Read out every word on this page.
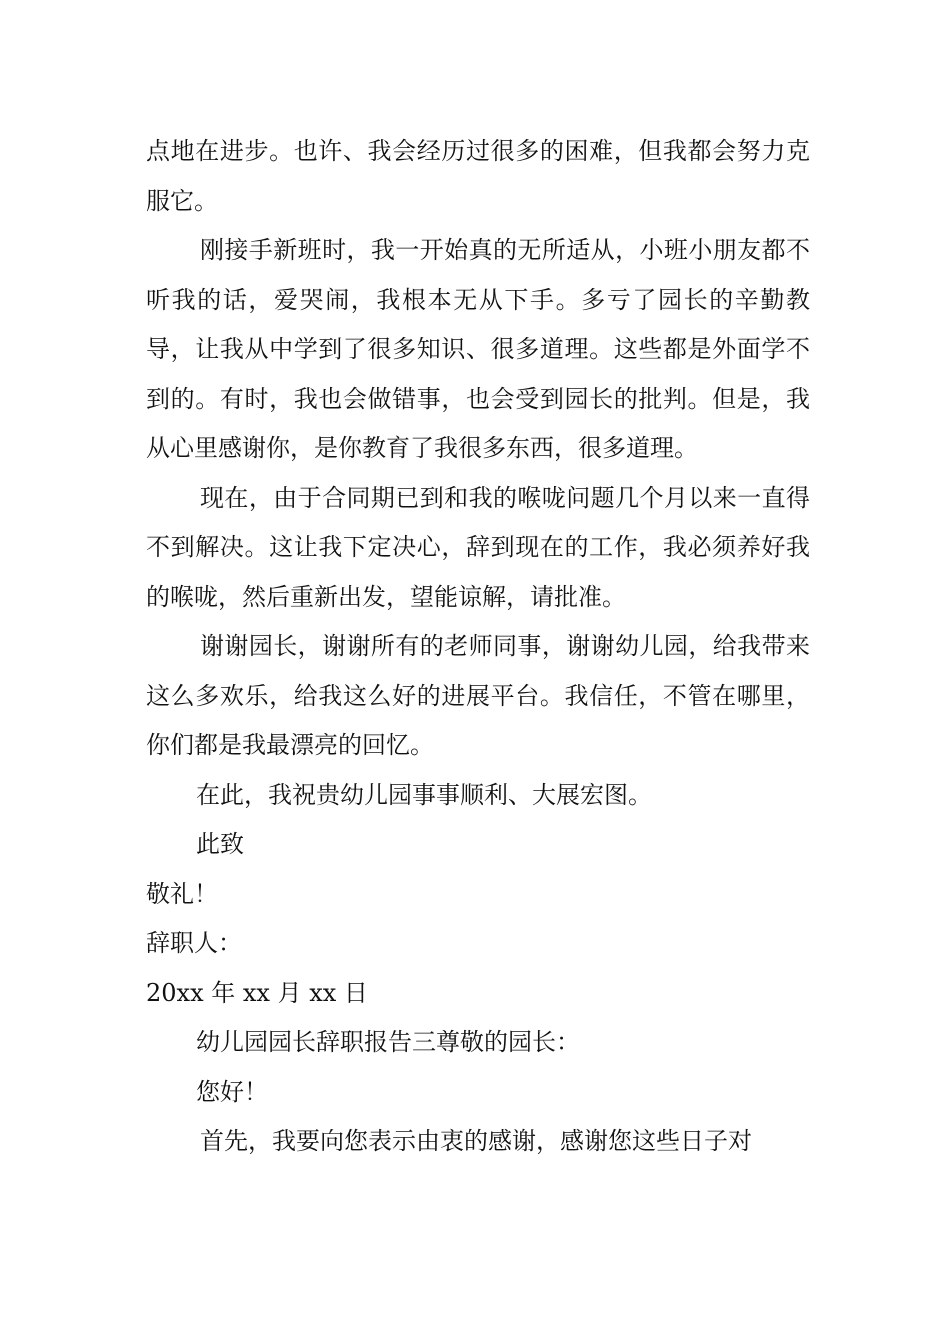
点地在进步。也许、我会经历过很多的困难，但我都会努力克服它。

刚接手新班时，我一开始真的无所适从，小班小朋友都不听我的话，爱哭闹，我根本无从下手。多亏了园长的辛勤教导，让我从中学到了很多知识、很多道理。这些都是外面学不到的。有时，我也会做错事，也会受到园长的批判。但是，我从心里感谢你，是你教育了我很多东西，很多道理。

现在，由于合同期已到和我的喉咙问题几个月以来一直得不到解决。这让我下定决心，辞到现在的工作，我必须养好我的喉咙，然后重新出发，望能谅解，请批准。

谢谢园长，谢谢所有的老师同事，谢谢幼儿园，给我带来这么多欢乐，给我这么好的进展平台。我信任，不管在哪里，你们都是我最漂亮的回忆。

在此，我祝贵幼儿园事事顺利、大展宏图。

此致

敬礼！

辞职人：

20xx 年 xx 月 xx 日

幼儿园园长辞职报告三尊敬的园长：

您好！

首先，我要向您表示由衷的感谢，感谢您这些日子对
